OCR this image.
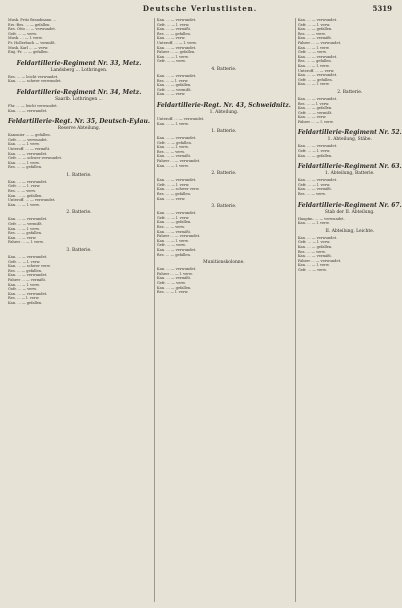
Deutsche Verlustlisten.	5319
Musk. Fritz Brandmann ...
Ers.-Res. ... — gefallen.
Res. Otto ... — verwundet.
Gefr. ... — verw.
Musk. ... — l. verw.
Fr. Hollerbach — vermißt.
Musk. Karl ... — verw.
Einj.-Fr. ... — gefallen.
Feldartillerie-Regiment Nr. 33, Metz.
Landsberg ... Lothringen.
Res. ... — leicht verwundet.
Kan. ... — schwer verwundet.
Feldartillerie-Regiment Nr. 34, Metz.
Saarlb. Lothringen ...
Fhr. ... — leicht verwundet.
Kan. ... — verwundet.
Feldartillerie-Regt. Nr. 35, Deutsch-Eylau.
Reserve Abteilung.
Kanonier ... — gefallen.
Gefr. ... — verwundet.
Kan. ... — l. verw.
Unteroff. ... — vermißt.
Kan. ... — verwundet.
Gefr. ... — schwer verwundet.
Kan. ... — l. verw.
Res. ... — gefallen.
1. Batterie.
Kan. ... — verwundet.
Gefr. ... — l. verw.
Res. ... — verw.
Kan. ... — gefallen.
Unteroff. ... — verwundet.
Kan. ... — l. verw.
2. Batterie.
Kan. ... — verwundet.
Gefr. ... — vermißt.
Kan. ... — l. verw.
Res. ... — gefallen.
Kan. ... — verw.
Fahrer ... — l. verw.
3. Batterie.
Kan. ... — verwundet.
Gefr. ... — l. verw.
Kan. ... — schwer verw.
Res. ... — gefallen.
Kan. ... — verwundet.
Fahrer ... — vermißt.
Kan. ... — l. verw.
Gefr. ... — verw.
Kan. ... — verwundet.
Res. ... — l. verw.
Kan. ... — gefallen.
Kan. ... — verwundet.
Gefr. ... — l. verw.
Kan. ... — vermißt.
Res. ... — gefallen.
Kan. ... — verw.
Unteroff. ... — l. verw.
Kan. ... — verwundet.
Fahrer ... — gefallen.
Kan. ... — l. verw.
Gefr. ... — verw.
4. Batterie.
Kan. ... — verwundet.
Res. ... — l. verw.
Kan. ... — gefallen.
Gefr. ... — vermißt.
Kan. ... — verw.
Feldartillerie-Regt. Nr. 43, Schweidnitz.
1. Abteilung.
Unteroff. ... — verwundet.
Kan. ... — l. verw.
1. Batterie.
Kan. ... — verwundet.
Gefr. ... — gefallen.
Kan. ... — l. verw.
Res. ... — verw.
Kan. ... — vermißt.
Fahrer ... — verwundet.
Kan. ... — l. verw.
2. Batterie.
Kan. ... — verwundet.
Gefr. ... — l. verw.
Kan. ... — schwer verw.
Res. ... — gefallen.
Kan. ... — verw.
3. Batterie.
Kan. ... — verwundet.
Gefr. ... — l. verw.
Kan. ... — gefallen.
Res. ... — verw.
Kan. ... — vermißt.
Fahrer ... — verwundet.
Kan. ... — l. verw.
Gefr. ... — verw.
Kan. ... — verwundet.
Res. ... — gefallen.
Munitionskolonne.
Kan. ... — verwundet.
Fahrer ... — l. verw.
Kan. ... — vermißt.
Gefr. ... — verw.
Kan. ... — gefallen.
Res. ... — l. verw.
Kan. ... — verwundet.
Gefr. ... — l. verw.
Kan. ... — gefallen.
Res. ... — verw.
Kan. ... — vermißt.
Fahrer ... — verwundet.
Kan. ... — l. verw.
Gefr. ... — verw.
Kan. ... — verwundet.
Res. ... — gefallen.
Kan. ... — l. verw.
Unteroff. ... — verw.
Kan. ... — verwundet.
Gefr. ... — gefallen.
Kan. ... — l. verw.
2. Batterie.
Kan. ... — verwundet.
Res. ... — l. verw.
Kan. ... — gefallen.
Gefr. ... — vermißt.
Kan. ... — verw.
Fahrer ... — l. verw.
Feldartillerie-Regiment Nr. 52.
1. Abteilung, Stäbe.
Kan. ... — verwundet.
Gefr. ... — l. verw.
Kan. ... — gefallen.
Feldartillerie-Regiment Nr. 63.
1. Abteilung, Batterie.
Kan. ... — verwundet.
Gefr. ... — l. verw.
Kan. ... — vermißt.
Res. ... — verw.
Feldartillerie-Regiment Nr. 67.
Stab der II. Abteilung.
Hauptm. ... — verwundet.
Kan. ... — l. verw.
II. Abteilung, Leichte.
Kan. ... — verwundet.
Gefr. ... — l. verw.
Kan. ... — gefallen.
Res. ... — verw.
Kan. ... — vermißt.
Fahrer ... — verwundet.
Kan. ... — l. verw.
Gefr. ... — verw.
